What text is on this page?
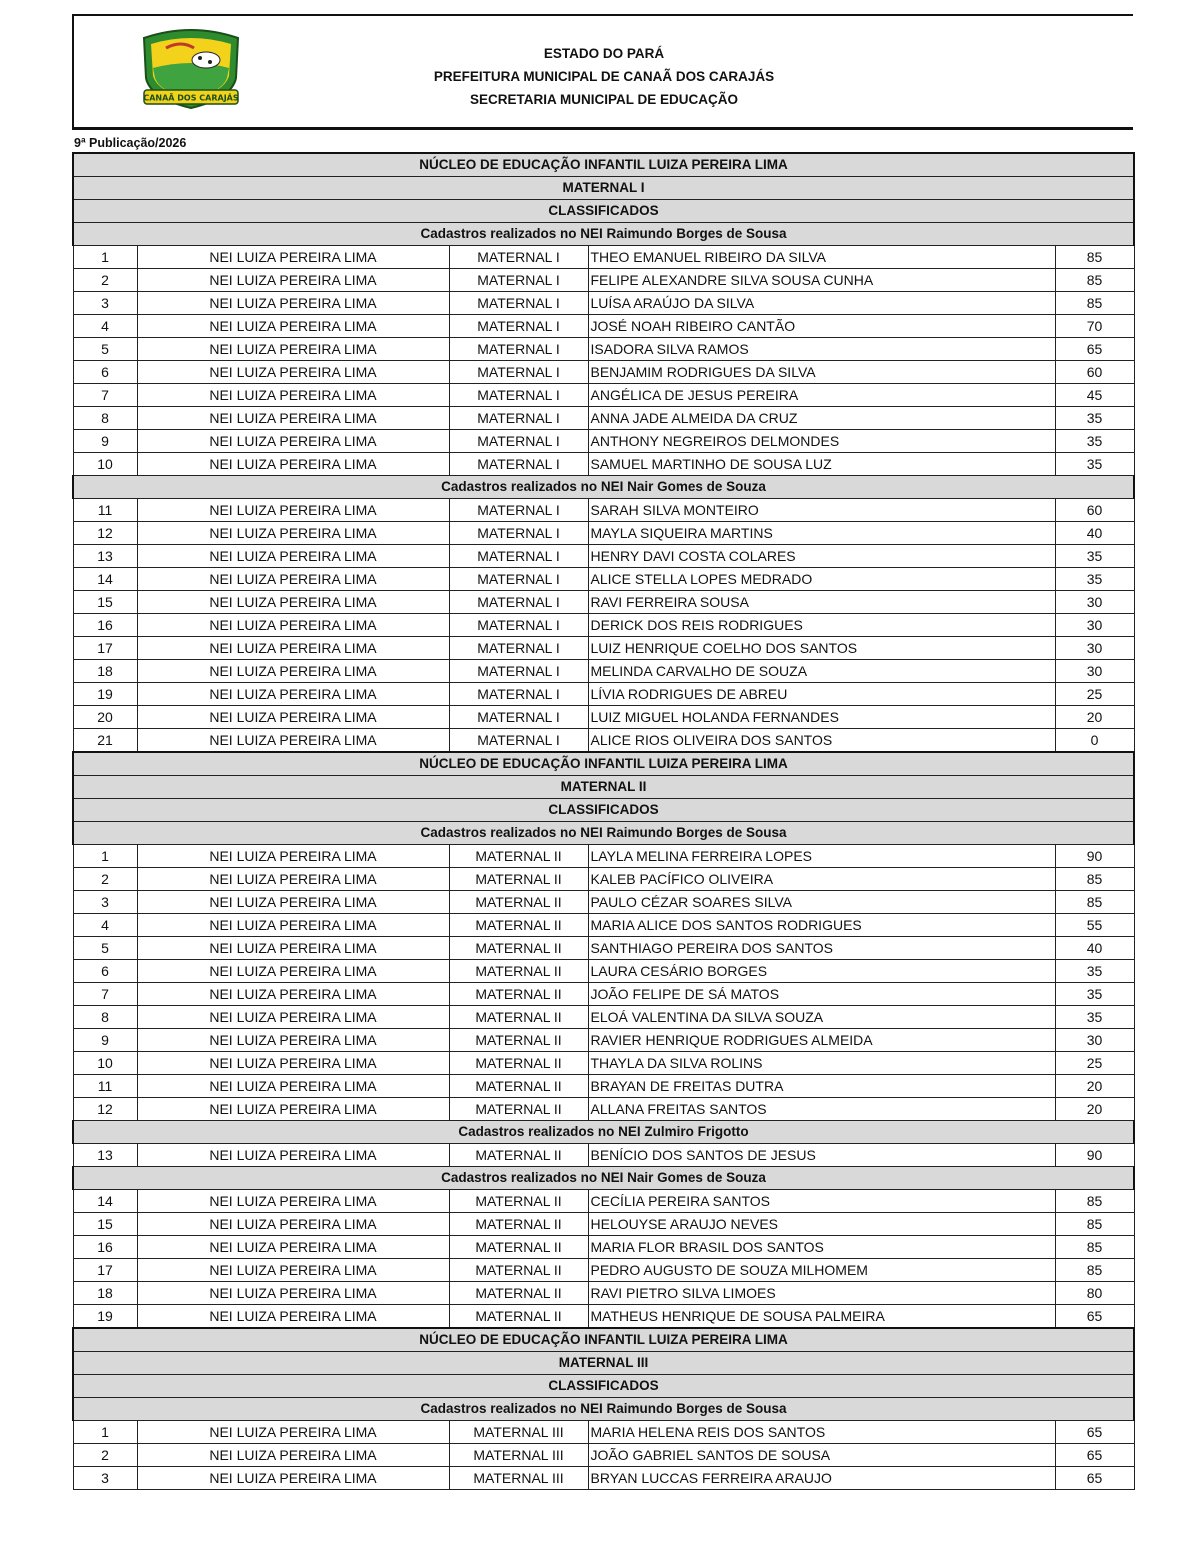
CANAÃ DOS CARAJÁS
ESTADO DO PARÁ
PREFEITURA MUNICIPAL DE CANAÃ DOS CARAJÁS
SECRETARIA MUNICIPAL DE EDUCAÇÃO
9ª Publicação/2026
NÚCLEO DE EDUCAÇÃO INFANTIL LUIZA PEREIRA LIMA				
MATERNAL I				
CLASSIFICADOS				
Cadastros realizados no NEI Raimundo Borges de Sousa				
1	NEI LUIZA PEREIRA LIMA	MATERNAL I	THEO EMANUEL RIBEIRO DA SILVA	85
2	NEI LUIZA PEREIRA LIMA	MATERNAL I	FELIPE ALEXANDRE SILVA SOUSA CUNHA	85
3	NEI LUIZA PEREIRA LIMA	MATERNAL I	LUÍSA ARAÚJO DA SILVA	85
4	NEI LUIZA PEREIRA LIMA	MATERNAL I	JOSÉ NOAH RIBEIRO CANTÃO	70
5	NEI LUIZA PEREIRA LIMA	MATERNAL I	ISADORA SILVA RAMOS	65
6	NEI LUIZA PEREIRA LIMA	MATERNAL I	BENJAMIM RODRIGUES DA SILVA	60
7	NEI LUIZA PEREIRA LIMA	MATERNAL I	ANGÉLICA DE JESUS PEREIRA	45
8	NEI LUIZA PEREIRA LIMA	MATERNAL I	ANNA JADE ALMEIDA DA CRUZ	35
9	NEI LUIZA PEREIRA LIMA	MATERNAL I	ANTHONY NEGREIROS DELMONDES	35
10	NEI LUIZA PEREIRA LIMA	MATERNAL I	SAMUEL MARTINHO DE SOUSA LUZ	35
Cadastros realizados no NEI Nair Gomes de Souza				
11	NEI LUIZA PEREIRA LIMA	MATERNAL I	SARAH SILVA MONTEIRO	60
12	NEI LUIZA PEREIRA LIMA	MATERNAL I	MAYLA SIQUEIRA MARTINS	40
13	NEI LUIZA PEREIRA LIMA	MATERNAL I	HENRY DAVI COSTA COLARES	35
14	NEI LUIZA PEREIRA LIMA	MATERNAL I	ALICE STELLA LOPES MEDRADO	35
15	NEI LUIZA PEREIRA LIMA	MATERNAL I	RAVI FERREIRA SOUSA	30
16	NEI LUIZA PEREIRA LIMA	MATERNAL I	DERICK DOS REIS RODRIGUES	30
17	NEI LUIZA PEREIRA LIMA	MATERNAL I	LUIZ HENRIQUE COELHO DOS SANTOS	30
18	NEI LUIZA PEREIRA LIMA	MATERNAL I	MELINDA CARVALHO DE SOUZA	30
19	NEI LUIZA PEREIRA LIMA	MATERNAL I	LÍVIA RODRIGUES DE ABREU	25
20	NEI LUIZA PEREIRA LIMA	MATERNAL I	LUIZ MIGUEL HOLANDA FERNANDES	20
21	NEI LUIZA PEREIRA LIMA	MATERNAL I	ALICE RIOS OLIVEIRA DOS SANTOS	0
NÚCLEO DE EDUCAÇÃO INFANTIL LUIZA PEREIRA LIMA				
MATERNAL II				
CLASSIFICADOS				
Cadastros realizados no NEI Raimundo Borges de Sousa				
1	NEI LUIZA PEREIRA LIMA	MATERNAL II	LAYLA MELINA FERREIRA LOPES	90
2	NEI LUIZA PEREIRA LIMA	MATERNAL II	KALEB PACÍFICO OLIVEIRA	85
3	NEI LUIZA PEREIRA LIMA	MATERNAL II	PAULO CÉZAR SOARES SILVA	85
4	NEI LUIZA PEREIRA LIMA	MATERNAL II	MARIA ALICE DOS SANTOS RODRIGUES	55
5	NEI LUIZA PEREIRA LIMA	MATERNAL II	SANTHIAGO PEREIRA DOS SANTOS	40
6	NEI LUIZA PEREIRA LIMA	MATERNAL II	LAURA CESÁRIO BORGES	35
7	NEI LUIZA PEREIRA LIMA	MATERNAL II	JOÃO FELIPE DE SÁ MATOS	35
8	NEI LUIZA PEREIRA LIMA	MATERNAL II	ELOÁ VALENTINA DA SILVA SOUZA	35
9	NEI LUIZA PEREIRA LIMA	MATERNAL II	RAVIER HENRIQUE RODRIGUES ALMEIDA	30
10	NEI LUIZA PEREIRA LIMA	MATERNAL II	THAYLA DA SILVA ROLINS	25
11	NEI LUIZA PEREIRA LIMA	MATERNAL II	BRAYAN DE FREITAS DUTRA	20
12	NEI LUIZA PEREIRA LIMA	MATERNAL II	ALLANA FREITAS SANTOS	20
Cadastros realizados no NEI Zulmiro Frigotto				
13	NEI LUIZA PEREIRA LIMA	MATERNAL II	BENÍCIO DOS SANTOS DE JESUS	90
Cadastros realizados no NEI Nair Gomes de Souza				
14	NEI LUIZA PEREIRA LIMA	MATERNAL II	CECÍLIA PEREIRA SANTOS	85
15	NEI LUIZA PEREIRA LIMA	MATERNAL II	HELOUYSE ARAUJO NEVES	85
16	NEI LUIZA PEREIRA LIMA	MATERNAL II	MARIA FLOR BRASIL DOS SANTOS	85
17	NEI LUIZA PEREIRA LIMA	MATERNAL II	PEDRO AUGUSTO DE SOUZA MILHOMEM	85
18	NEI LUIZA PEREIRA LIMA	MATERNAL II	RAVI PIETRO SILVA LIMOES	80
19	NEI LUIZA PEREIRA LIMA	MATERNAL II	MATHEUS HENRIQUE DE SOUSA PALMEIRA	65
NÚCLEO DE EDUCAÇÃO INFANTIL LUIZA PEREIRA LIMA				
MATERNAL III				
CLASSIFICADOS				
Cadastros realizados no NEI Raimundo Borges de Sousa				
1	NEI LUIZA PEREIRA LIMA	MATERNAL III	MARIA HELENA REIS DOS SANTOS	65
2	NEI LUIZA PEREIRA LIMA	MATERNAL III	JOÃO GABRIEL SANTOS DE SOUSA	65
3	NEI LUIZA PEREIRA LIMA	MATERNAL III	BRYAN LUCCAS FERREIRA ARAUJO	65
